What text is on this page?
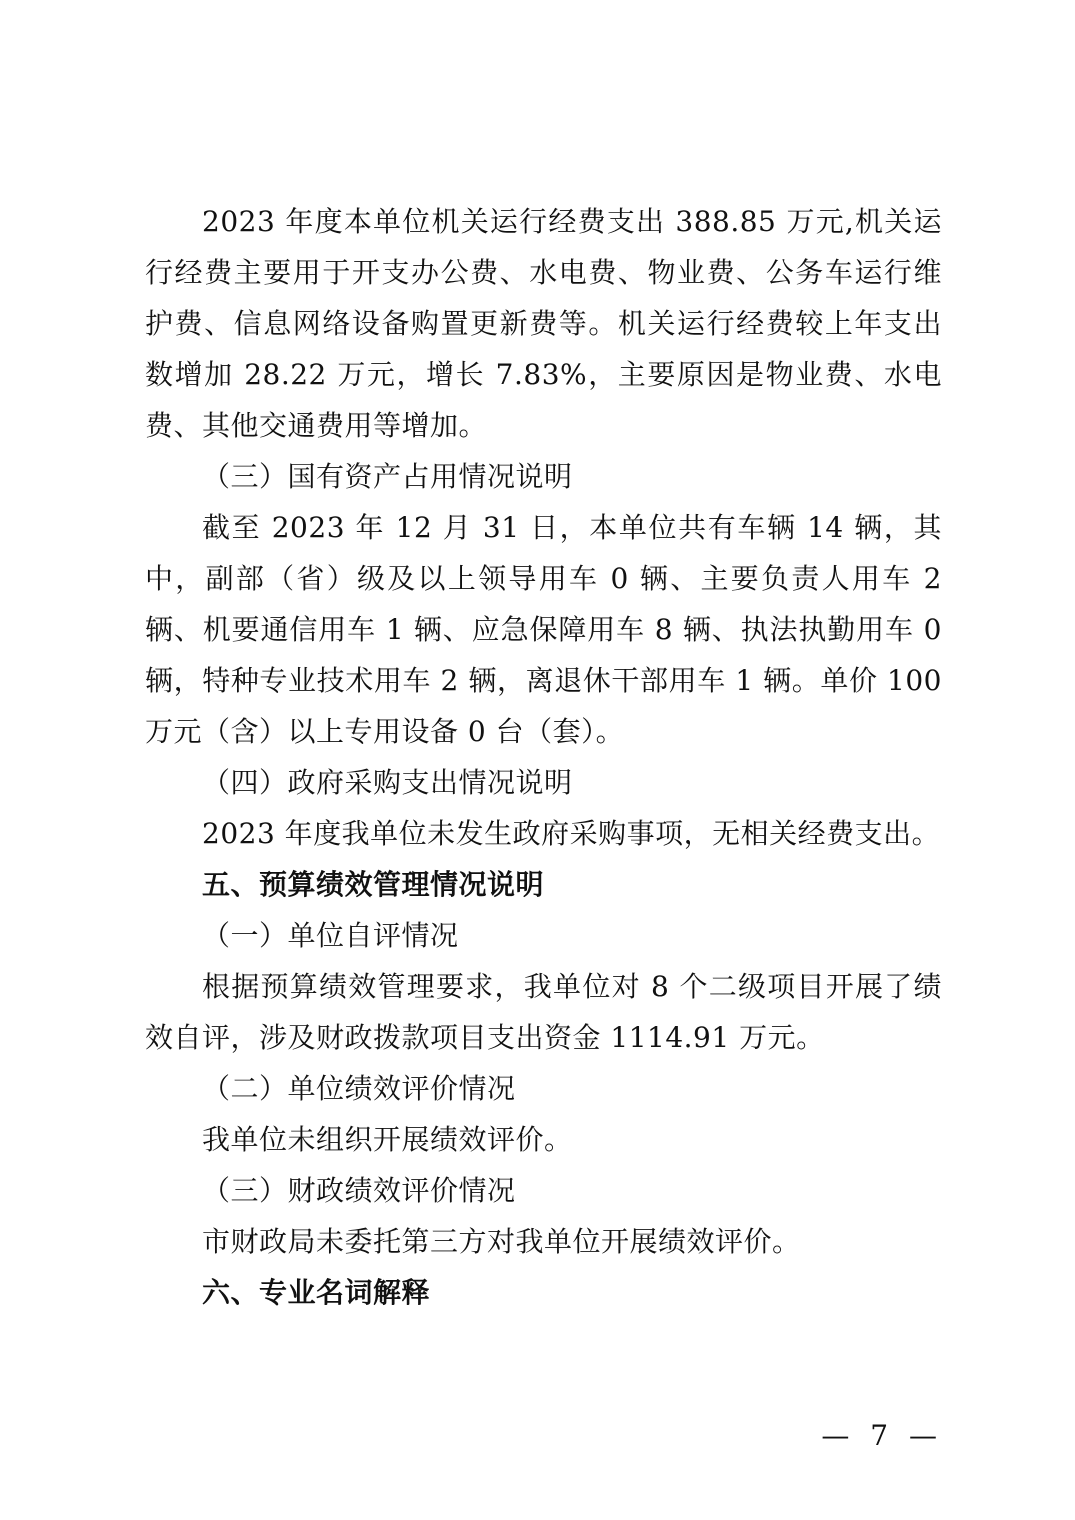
2023 年度本单位机关运行经费支出 388.85 万元,机关运行经费主要用于开支办公费、水电费、物业费、公务车运行维护费、信息网络设备购置更新费等。机关运行经费较上年支出数增加 28.22 万元，增长 7.83%，主要原因是物业费、水电费、其他交通费用等增加。

（三）国有资产占用情况说明

截至 2023 年 12 月 31 日，本单位共有车辆 14 辆，其中，副部（省）级及以上领导用车 0 辆、主要负责人用车 2 辆、机要通信用车 1 辆、应急保障用车 8 辆、执法执勤用车 0 辆，特种专业技术用车 2 辆，离退休干部用车 1 辆。单价 100 万元（含）以上专用设备 0 台（套）。

（四）政府采购支出情况说明

2023 年度我单位未发生政府采购事项，无相关经费支出。

五、预算绩效管理情况说明

（一）单位自评情况

根据预算绩效管理要求，我单位对 8 个二级项目开展了绩效自评，涉及财政拨款项目支出资金 1114.91 万元。

（二）单位绩效评价情况

我单位未组织开展绩效评价。

（三）财政绩效评价情况

市财政局未委托第三方对我单位开展绩效评价。

六、专业名词解释

— 7 —
